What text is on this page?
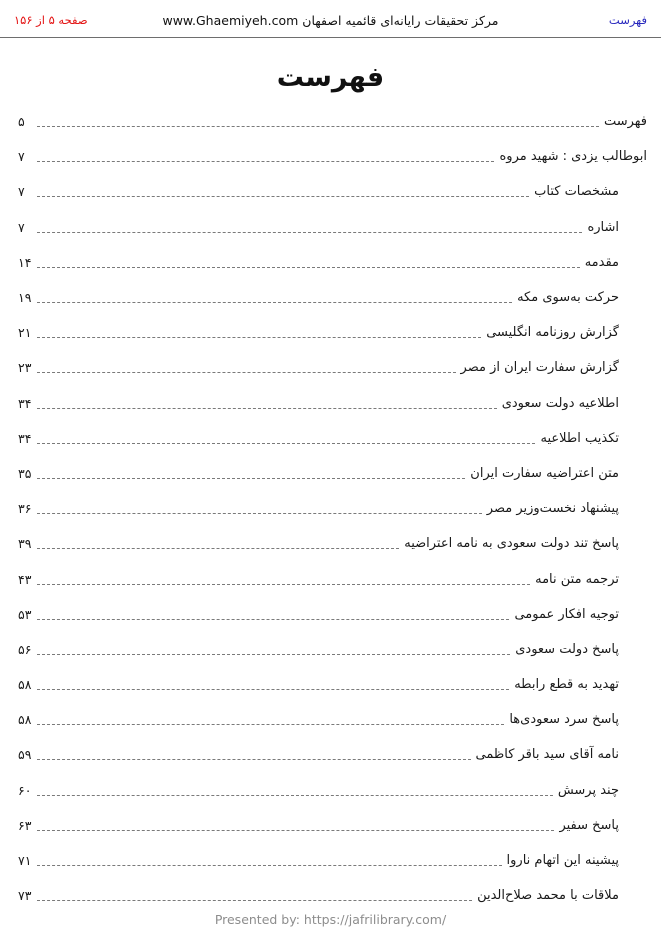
صفحه ۵ از ۱۵۶	مرکز تحقیقات رایانه‌ای قائمیه اصفهان www.Ghaemiyeh.com	فهرست
فهرست
فهرست
۵
ابوطالب یزدی : شهید مروه
۷
مشخصات کتاب
۷
اشاره
۷
مقدمه
۱۴
حرکت به‌سوی مکه
۱۹
گزارش روزنامه انگلیسی
۲۱
گزارش سفارت ایران از مصر
۲۳
اطلاعیه دولت سعودی
۳۴
تکذیب اطلاعیه
۳۴
متن اعتراضیه سفارت ایران
۳۵
پیشنهاد نخست‌وزیر مصر
۳۶
پاسخ تند دولت سعودی به نامه اعتراضیه
۳۹
ترجمه متن نامه
۴۳
توجیه افکار عمومی
۵۳
پاسخ دولت سعودی
۵۶
تهدید به قطع رابطه
۵۸
پاسخ سرد سعودی‌ها
۵۸
نامه آقای سید باقر کاظمی
۵۹
چند پرسش
۶۰
پاسخ سفیر
۶۳
پیشینه این اتهام ناروا
۷۱
ملاقات با محمد صلاح‌الدین
۷۳
Presented by: https://jafrilibrary.com/
